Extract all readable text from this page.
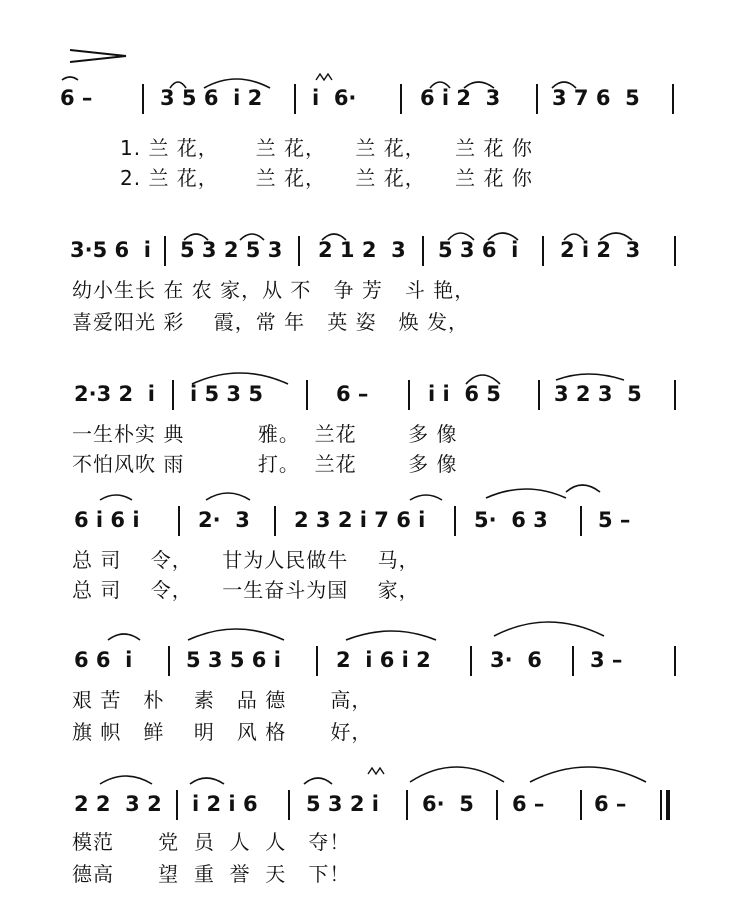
6 –	3 5 6  i 2 i  6·	6 i 2  3 3 7 6  5
1. 兰 花，     兰 花，    兰 花，    兰 花 你
2. 兰 花，     兰 花，    兰 花，    兰 花 你
3·5 6  i 5 3 2 5 3 2 1 2  3 5 3 6  i 2 i 2  3
幼小生长 在 农 家，从 不   争 芳   斗 艳，
喜爱阳光 彩    霞，常 年   英 姿   焕 发，
2·3 2  i i 5 3 5	6 –	i i  6 5	3 2 3  5
一生朴实 典          雅。  兰花       多 像
不怕风吹 雨          打。  兰花       多 像
6 i 6 i	2·  3 2 3 2 i 7 6 i 5·  6 3 5 –
总 司    令，    甘为人民做牛    马，
总 司    令，    一生奋斗为国    家，
6 6  i	5 3 5 6 i	2  i 6 i 2	3·  6 3 –
艰 苦   朴    素   品 德      高，
旗 帜   鲜    明   风 格      好，
2 2  3 2 i 2 i 6 5 3 2 i 6·  5 6 – 6 –
模范      党  员  人  人   夺！
德高      望  重  誉  天   下！
